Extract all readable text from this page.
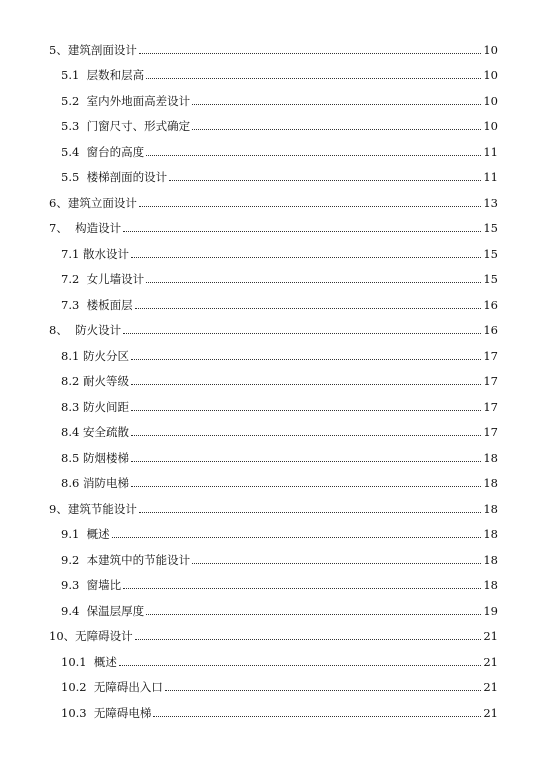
5、建筑剖面设计	10
5.1  层数和层高	10
5.2  室内外地面高差设计	10
5.3  门窗尺寸、形式确定	10
5.4  窗台的高度	11
5.5  楼梯剖面的设计	11
6、建筑立面设计	13
7、  构造设计	15
7.1 散水设计	15
7.2  女儿墙设计	15
7.3  楼板面层	16
8、  防火设计	16
8.1 防火分区	17
8.2 耐火等级	17
8.3 防火间距	17
8.4 安全疏散	17
8.5 防烟楼梯	18
8.6 消防电梯	18
9、建筑节能设计	18
9.1  概述	18
9.2  本建筑中的节能设计	18
9.3  窗墙比	18
9.4  保温层厚度	19
10、无障碍设计	21
10.1  概述	21
10.2  无障碍出入口	21
10.3  无障碍电梯	21
